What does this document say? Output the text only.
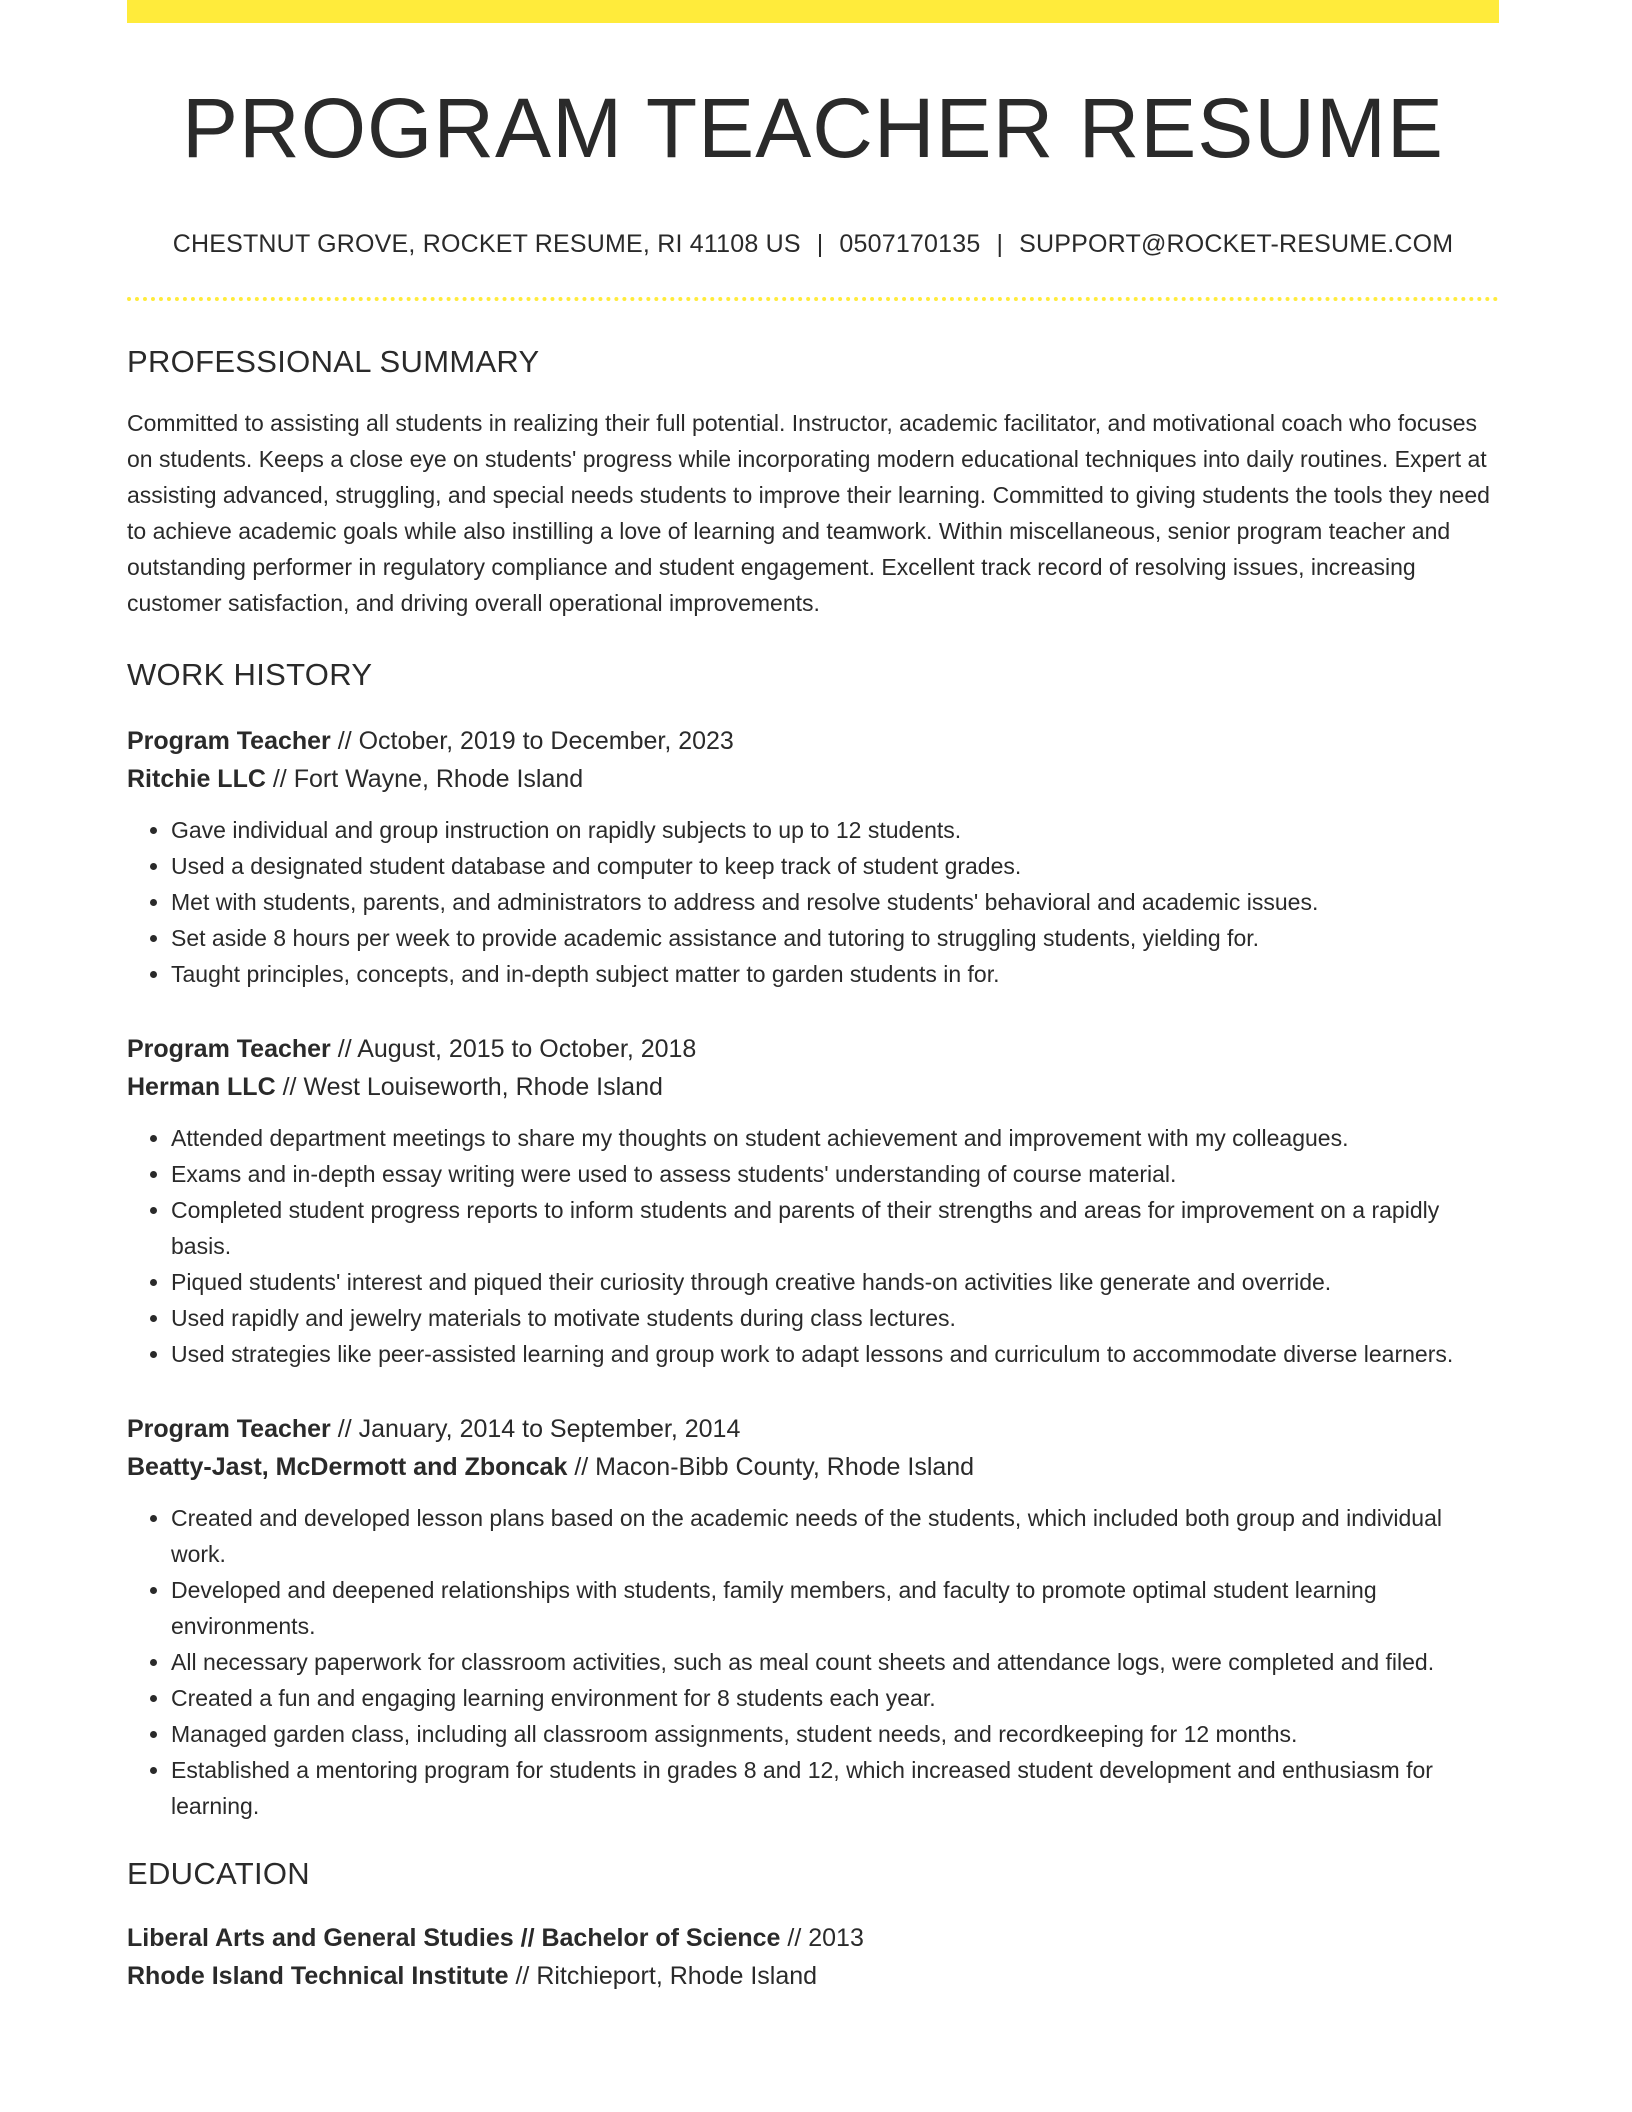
PROGRAM TEACHER RESUME
CHESTNUT GROVE, ROCKET RESUME, RI 41108 US | 0507170135 | SUPPORT@ROCKET-RESUME.COM
PROFESSIONAL SUMMARY

Committed to assisting all students in realizing their full potential. Instructor, academic facilitator, and motivational coach who focuses on students. Keeps a close eye on students' progress while incorporating modern educational techniques into daily routines. Expert at assisting advanced, struggling, and special needs students to improve their learning. Committed to giving students the tools they need to achieve academic goals while also instilling a love of learning and teamwork. Within miscellaneous, senior program teacher and outstanding performer in regulatory compliance and student engagement. Excellent track record of resolving issues, increasing customer satisfaction, and driving overall operational improvements.

WORK HISTORY
Program Teacher // October, 2019 to December, 2023
Ritchie LLC // Fort Wayne, Rhode Island
• Gave individual and group instruction on rapidly subjects to up to 12 students.
• Used a designated student database and computer to keep track of student grades.
• Met with students, parents, and administrators to address and resolve students' behavioral and academic issues.
• Set aside 8 hours per week to provide academic assistance and tutoring to struggling students, yielding for.
• Taught principles, concepts, and in-depth subject matter to garden students in for.
Program Teacher // August, 2015 to October, 2018
Herman LLC // West Louiseworth, Rhode Island
• Attended department meetings to share my thoughts on student achievement and improvement with my colleagues.
• Exams and in-depth essay writing were used to assess students' understanding of course material.
• Completed student progress reports to inform students and parents of their strengths and areas for improvement on a rapidly basis.
• Piqued students' interest and piqued their curiosity through creative hands-on activities like generate and override.
• Used rapidly and jewelry materials to motivate students during class lectures.
• Used strategies like peer-assisted learning and group work to adapt lessons and curriculum to accommodate diverse learners.
Program Teacher // January, 2014 to September, 2014
Beatty-Jast, McDermott and Zboncak // Macon-Bibb County, Rhode Island
• Created and developed lesson plans based on the academic needs of the students, which included both group and individual work.
• Developed and deepened relationships with students, family members, and faculty to promote optimal student learning environments.
• All necessary paperwork for classroom activities, such as meal count sheets and attendance logs, were completed and filed.
• Created a fun and engaging learning environment for 8 students each year.
• Managed garden class, including all classroom assignments, student needs, and recordkeeping for 12 months.
• Established a mentoring program for students in grades 8 and 12, which increased student development and enthusiasm for learning.
EDUCATION
Liberal Arts and General Studies // Bachelor of Science // 2013
Rhode Island Technical Institute // Ritchieport, Rhode Island
